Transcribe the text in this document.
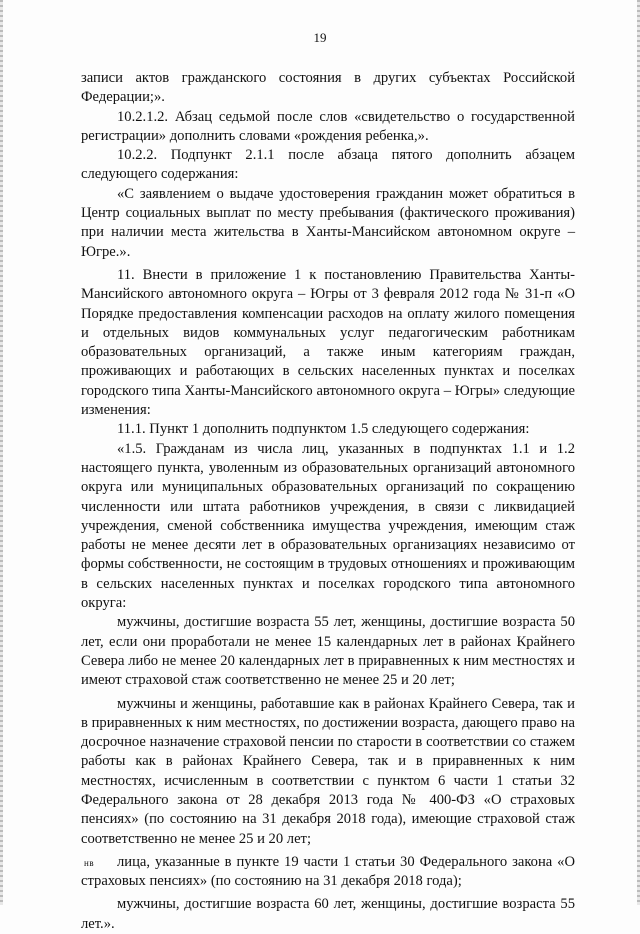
19

записи актов гражданского состояния в других субъектах Российской Федерации;».

10.2.1.2. Абзац седьмой после слов «свидетельство о государственной регистрации» дополнить словами «рождения ребенка,».

10.2.2. Подпункт 2.1.1 после абзаца пятого дополнить абзацем следующего содержания:

«С заявлением о выдаче удостоверения гражданин может обратиться в Центр социальных выплат по месту пребывания (фактического проживания) при наличии места жительства в Ханты-Мансийском автономном округе – Югре.».

11. Внести в приложение 1 к постановлению Правительства Ханты-Мансийского автономного округа – Югры от 3 февраля 2012 года № 31-п «О Порядке предоставления компенсации расходов на оплату жилого помещения и отдельных видов коммунальных услуг педагогическим работникам образовательных организаций, а также иным категориям граждан, проживающих и работающих в сельских населенных пунктах и поселках городского типа Ханты-Мансийского автономного округа – Югры» следующие изменения:

11.1. Пункт 1 дополнить подпунктом 1.5 следующего содержания:

«1.5. Гражданам из числа лиц, указанных в подпунктах 1.1 и 1.2 настоящего пункта, уволенным из образовательных организаций автономного округа или муниципальных образовательных организаций по сокращению численности или штата работников учреждения, в связи с ликвидацией учреждения, сменой собственника имущества учреждения, имеющим стаж работы не менее десяти лет в образовательных организациях независимо от формы собственности, не состоящим в трудовых отношениях и проживающим в сельских населенных пунктах и поселках городского типа автономного округа:

мужчины, достигшие возраста 55 лет, женщины, достигшие возраста 50 лет, если они проработали не менее 15 календарных лет в районах Крайнего Севера либо не менее 20 календарных лет в приравненных к ним местностях и имеют страховой стаж соответственно не менее 25 и 20 лет;

мужчины и женщины, работавшие как в районах Крайнего Севера, так и в приравненных к ним местностях, по достижении возраста, дающего право на досрочное назначение страховой пенсии по старости в соответствии со стажем работы как в районах Крайнего Севера, так и в приравненных к ним местностях, исчисленным в соответствии с пунктом 6 части 1 статьи 32 Федерального закона от 28 декабря 2013 года № 400-ФЗ «О страховых пенсиях» (по состоянию на 31 декабря 2018 года), имеющие страховой стаж соответственно не менее 25 и 20 лет;

лица, указанные в пункте 19 части 1 статьи 30 Федерального закона «О страховых пенсиях» (по состоянию на 31 декабря 2018 года);

мужчины, достигшие возраста 60 лет, женщины, достигшие возраста 55 лет.».

нв
